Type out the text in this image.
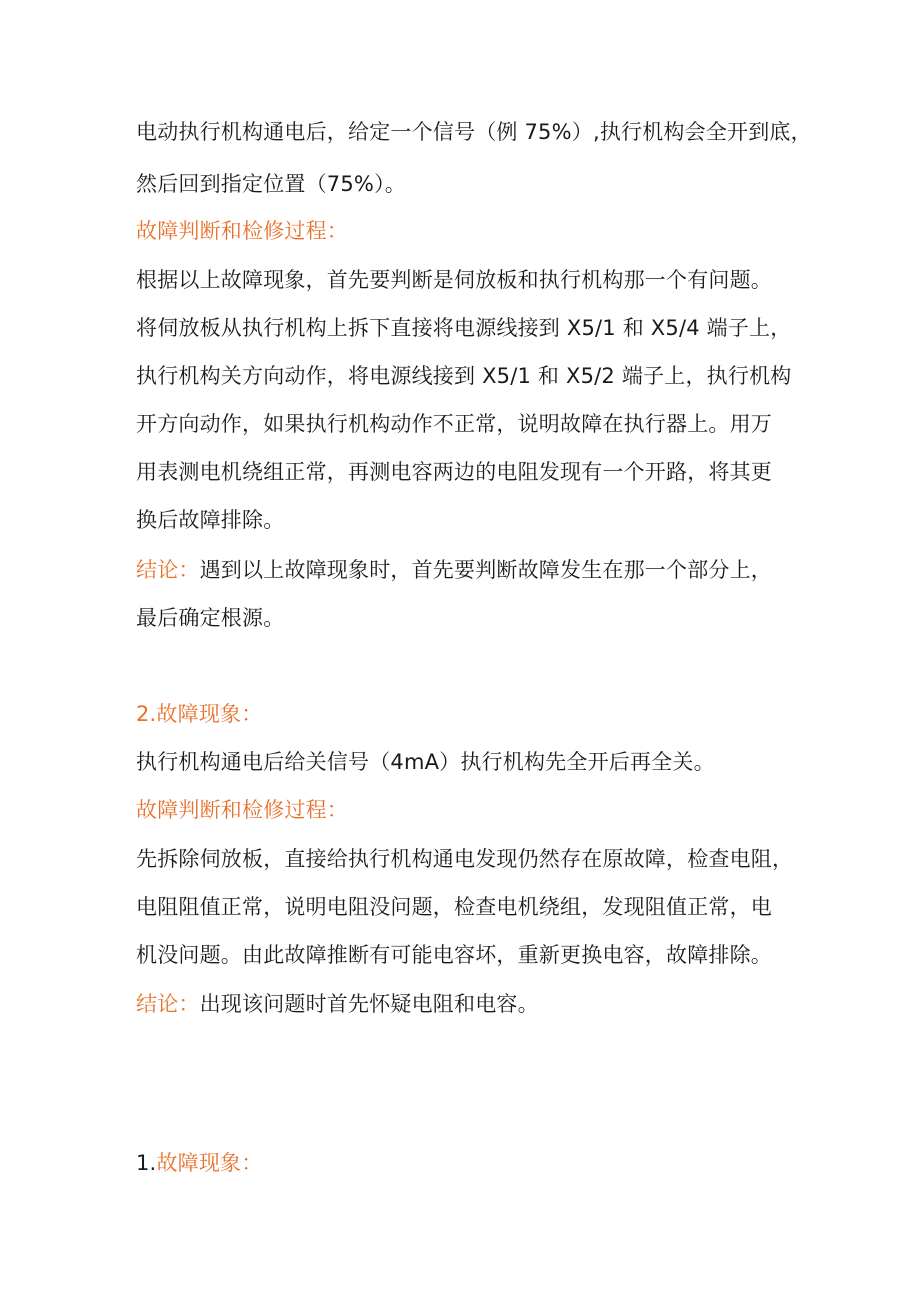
电动执行机构通电后，给定一个信号（例 75%）,执行机构会全开到底，
然后回到指定位置（75%）。
故障判断和检修过程：
根据以上故障现象，首先要判断是伺放板和执行机构那一个有问题。
将伺放板从执行机构上拆下直接将电源线接到 X5/1 和 X5/4 端子上，
执行机构关方向动作，将电源线接到 X5/1 和 X5/2 端子上，执行机构
开方向动作，如果执行机构动作不正常，说明故障在执行器上。用万
用表测电机绕组正常，再测电容两边的电阻发现有一个开路，将其更
换后故障排除。
结论：遇到以上故障现象时，首先要判断故障发生在那一个部分上，
最后确定根源。
2.故障现象：
执行机构通电后给关信号（4mA）执行机构先全开后再全关。
故障判断和检修过程：
先拆除伺放板，直接给执行机构通电发现仍然存在原故障，检查电阻，
电阻阻值正常，说明电阻没问题，检查电机绕组，发现阻值正常，电
机没问题。由此故障推断有可能电容坏，重新更换电容，故障排除。
结论：出现该问题时首先怀疑电阻和电容。
1.故障现象：
